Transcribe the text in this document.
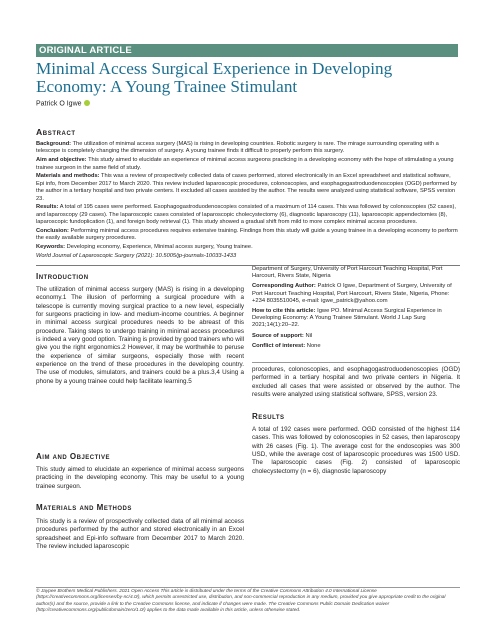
ORIGINAL ARTICLE
Minimal Access Surgical Experience in Developing Economy: A Young Trainee Stimulant
Patrick O Igwe
Abstract

Background: The utilization of minimal access surgery (MAS) is rising in developing countries. Robotic surgery is rare. The mirage surrounding operating with a telescope is completely changing the dimension of surgery. A young trainee finds it difficult to properly perform this surgery.

Aim and objective: This study aimed to elucidate an experience of minimal access surgeons practicing in a developing economy with the hope of stimulating a young trainee surgeon in the same field of study.

Materials and methods: This was a review of prospectively collected data of cases performed, stored electronically in an Excel spreadsheet and statistical software, Epi info, from December 2017 to March 2020. This review included laparoscopic procedures, colonoscopies, and esophagogastroduodenoscopies (OGD) performed by the author in a tertiary hospital and two private centers. It excluded all cases assisted by the author. The results were analyzed using statistical software, SPSS version 23.

Results: A total of 195 cases were performed. Esophagogastroduodenoscopies consisted of a maximum of 114 cases. This was followed by colonoscopies (52 cases), and laparoscopy (29 cases). The laparoscopic cases consisted of laparoscopic cholecystectomy (6), diagnostic laparoscopy (11), laparoscopic appendectomies (8), laparoscopic fundoplication (1), and foreign body retrieval (1). This study showed a gradual shift from mild to more complex minimal access procedures.

Conclusion: Performing minimal access procedures requires extensive training. Findings from this study will guide a young trainee in a developing economy to perform the easily available surgery procedures.

Keywords: Developing economy, Experience, Minimal access surgery, Young trainee.

World Journal of Laparoscopic Surgery (2021): 10.5005/jp-journals-10033-1433

Introduction

The utilization of minimal access surgery (MAS) is rising in a developing economy.1 The illusion of performing a surgical procedure with a telescope is currently moving surgical practice to a new level, especially for surgeons practicing in low- and medium-income countries. A beginner in minimal access surgical procedures needs to be abreast of this procedure. Taking steps to undergo training in minimal access procedures is indeed a very good option. Training is provided by good trainers who will give you the right ergonomics.2 However, it may be worthwhile to peruse the experience of similar surgeons, especially those with recent experience on the trend of these procedures in the developing country. The use of modules, simulators, and trainers could be a plus.3,4 Using a phone by a young trainee could help facilitate learning.5

Aim and Objective

This study aimed to elucidate an experience of minimal access surgeons practicing in the developing economy. This may be useful to a young trainee surgeon.

Materials and Methods

This study is a review of prospectively collected data of all minimal access procedures performed by the author and stored electronically in an Excel spreadsheet and Epi-info software from December 2017 to March 2020. The review included laparoscopic

Department of Surgery, University of Port Harcourt Teaching Hospital, Port Harcourt, Rivers State, Nigeria

Corresponding Author: Patrick O Igwe, Department of Surgery, University of Port Harcourt Teaching Hospital, Port Harcourt, Rivers State, Nigeria, Phone: +234 8035510045, e-mail: igwe_patrick@yahoo.com

How to cite this article: Igwe PO. Minimal Access Surgical Experience in Developing Economy: A Young Trainee Stimulant. World J Lap Surg 2021;14(1):20–22.

Source of support: Nil

Conflict of interest: None

procedures, colonoscopies, and esophagogastroduodenoscopies (OGD) performed in a tertiary hospital and two private centers in Nigeria. It excluded all cases that were assisted or observed by the author. The results were analyzed using statistical software, SPSS, version 23.

Results

A total of 192 cases were performed. OGD consisted of the highest 114 cases. This was followed by colonoscopies in 52 cases, then laparoscopy with 26 cases (Fig. 1). The average cost for the endoscopies was 300 USD, while the average cost of laparoscopic procedures was 1500 USD. The laparoscopic cases (Fig. 2) consisted of laparoscopic cholecystectomy (n = 6), diagnostic laparoscopy

© Jaypee Brothers Medical Publishers. 2021 Open Access This article is distributed under the terms of the Creative Commons Attribution 4.0 International License (https://creativecommons.org/licenses/by-nc/4.0/), which permits unrestricted use, distribution, and non-commercial reproduction in any medium, provided you give appropriate credit to the original author(s) and the source, provide a link to the Creative Commons license, and indicate if changes were made. The Creative Commons Public Domain Dedication waiver (http://creativecommons.org/publicdomain/zero/1.0/) applies to the data made available in this article, unless otherwise stated.
